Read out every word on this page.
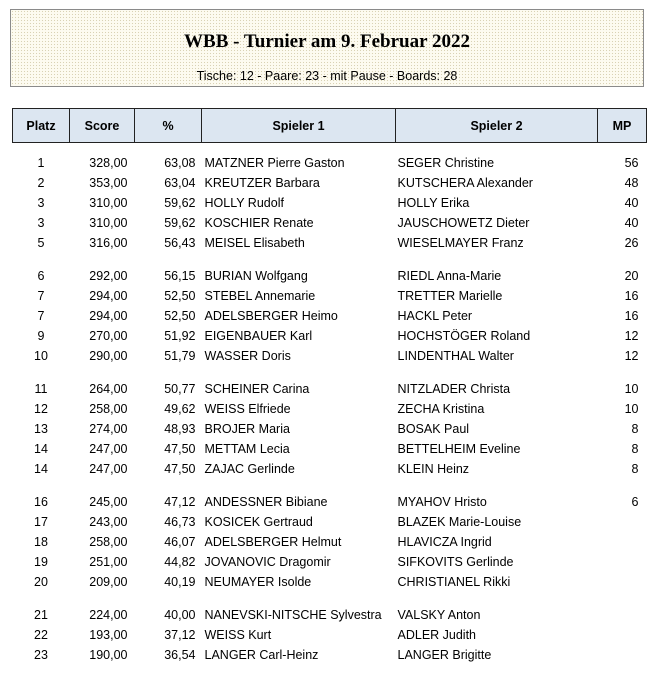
WBB - Turnier am 9. Februar 2022
Tische: 12 - Paare: 23 - mit Pause - Boards: 28
Platz	Score	%	Spieler 1	Spieler 2	MP

1	328,00	63,08	MATZNER Pierre Gaston	SEGER Christine	56
2	353,00	63,04	KREUTZER Barbara	KUTSCHERA Alexander	48
3	310,00	59,62	HOLLY Rudolf	HOLLY Erika	40
3	310,00	59,62	KOSCHIER Renate	JAUSCHOWETZ Dieter	40
5	316,00	56,43	MEISEL Elisabeth	WIESELMAYER Franz	26

6	292,00	56,15	BURIAN Wolfgang	RIEDL Anna-Marie	20
7	294,00	52,50	STEBEL Annemarie	TRETTER Marielle	16
7	294,00	52,50	ADELSBERGER Heimo	HACKL Peter	16
9	270,00	51,92	EIGENBAUER Karl	HOCHSTÖGER Roland	12
10	290,00	51,79	WASSER Doris	LINDENTHAL Walter	12

11	264,00	50,77	SCHEINER Carina	NITZLADER Christa	10
12	258,00	49,62	WEISS Elfriede	ZECHA Kristina	10
13	274,00	48,93	BROJER Maria	BOSAK Paul	8
14	247,00	47,50	METTAM Lecia	BETTELHEIM Eveline	8
14	247,00	47,50	ZAJAC Gerlinde	KLEIN Heinz	8

16	245,00	47,12	ANDESSNER Bibiane	MYAHOV Hristo	6
17	243,00	46,73	KOSICEK Gertraud	BLAZEK Marie-Louise	
18	258,00	46,07	ADELSBERGER Helmut	HLAVICZA Ingrid	
19	251,00	44,82	JOVANOVIC Dragomir	SIFKOVITS Gerlinde	
20	209,00	40,19	NEUMAYER Isolde	CHRISTIANEL Rikki	

21	224,00	40,00	NANEVSKI-NITSCHE Sylvestra	VALSKY Anton	
22	193,00	37,12	WEISS Kurt	ADLER Judith	
23	190,00	36,54	LANGER Carl-Heinz	LANGER Brigitte	
